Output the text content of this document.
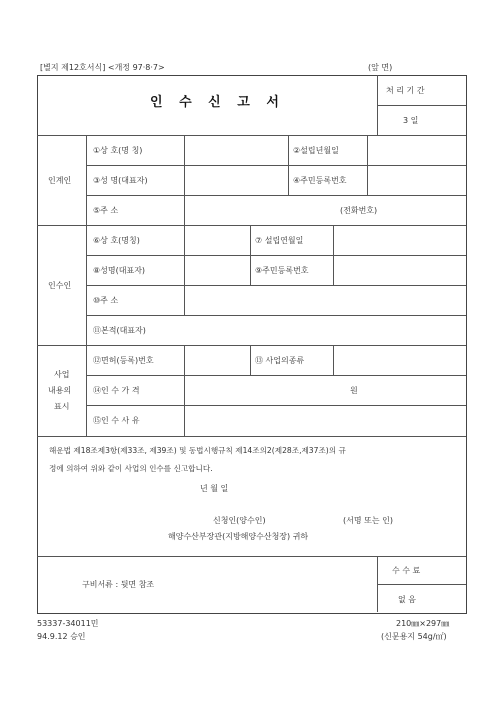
[별지 제12호서식] <개정 97·8·7>	(앞 면)
인 수 신 고 서
처 리 기 간
3 일
인계인
인수인
사업
내용의
표시
①상 호(명 칭)	②설립년월일
③성 명(대표자)	④주민등록번호
⑤주 소	(전화번호)
⑥상 호(명칭)	⑦ 설립연월일
⑧성명(대표자)	⑨주민등록번호
⑩주 소
⑪본적(대표자)
⑫면허(등록)번호	⑬ 사업의종류
⑭인 수 가 격	원
⑮인 수 사 유
해운법 제18조제3항(제33조, 제39조) 및 동법시행규칙 제14조의2(제28조,제37조)의 규
정에 의하여 위와 같이 사업의 인수를 신고합니다.
년 월 일
신청인(양수인)	(서명 또는 인)
해양수산부장관(지방해양수산청장) 귀하
구비서류 : 뒷면 참조
수 수 료
없 음
53337-34011민
94.9.12 승인
210㎜×297㎜
(신문용지 54g/㎡)
